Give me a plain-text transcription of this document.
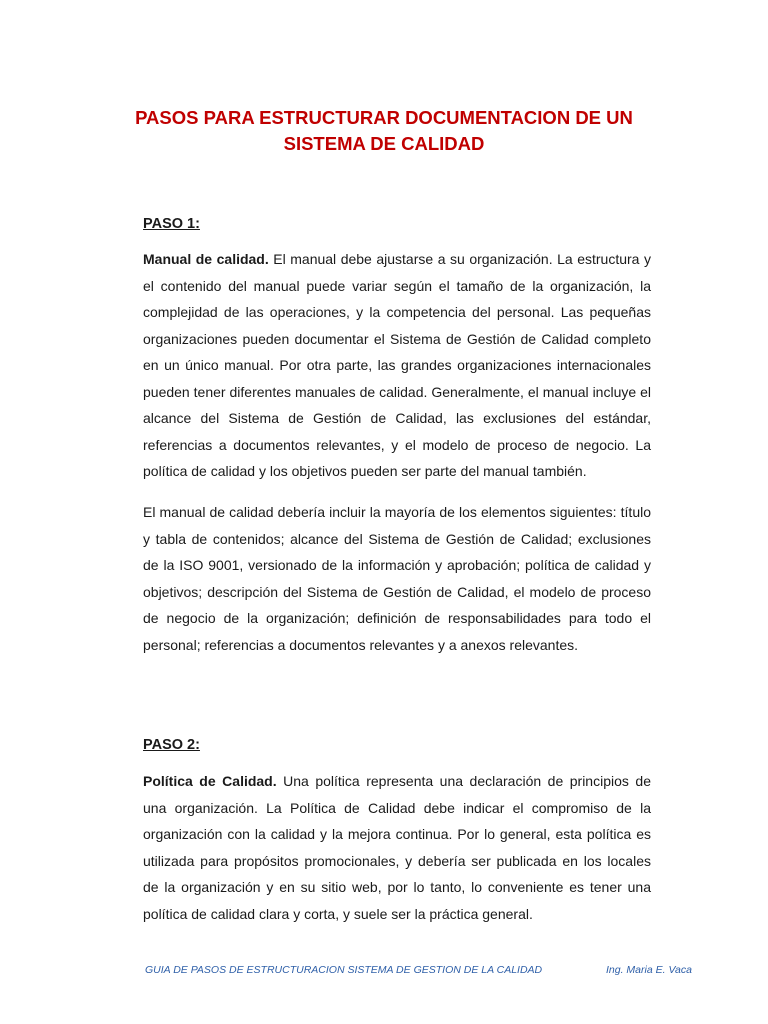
PASOS PARA ESTRUCTURAR DOCUMENTACION DE UN
SISTEMA DE CALIDAD

PASO 1:

Manual de calidad. El manual debe ajustarse a su organización. La estructura y el contenido del manual puede variar según el tamaño de la organización, la complejidad de las operaciones, y la competencia del personal. Las pequeñas organizaciones pueden documentar el Sistema de Gestión de Calidad completo en un único manual. Por otra parte, las grandes organizaciones internacionales pueden tener diferentes manuales de calidad. Generalmente, el manual incluye el alcance del Sistema de Gestión de Calidad, las exclusiones del estándar, referencias a documentos relevantes, y el modelo de proceso de negocio. La política de calidad y los objetivos pueden ser parte del manual también.

El manual de calidad debería incluir la mayoría de los elementos siguientes: título y tabla de contenidos; alcance del Sistema de Gestión de Calidad; exclusiones de la ISO 9001, versionado de la información y aprobación; política de calidad y objetivos; descripción del Sistema de Gestión de Calidad, el modelo de proceso de negocio de la organización; definición de responsabilidades para todo el personal; referencias a documentos relevantes y a anexos relevantes.

PASO 2:

Política de Calidad. Una política representa una declaración de principios de una organización. La Política de Calidad debe indicar el compromiso de la organización con la calidad y la mejora continua. Por lo general, esta política es utilizada para propósitos promocionales, y debería ser publicada en los locales de la organización y en su sitio web, por lo tanto, lo conveniente es tener una política de calidad clara y corta, y suele ser la práctica general.

GUIA DE PASOS DE ESTRUCTURACION SISTEMA DE GESTION DE LA CALIDAD	Ing. Maria E. Vaca
